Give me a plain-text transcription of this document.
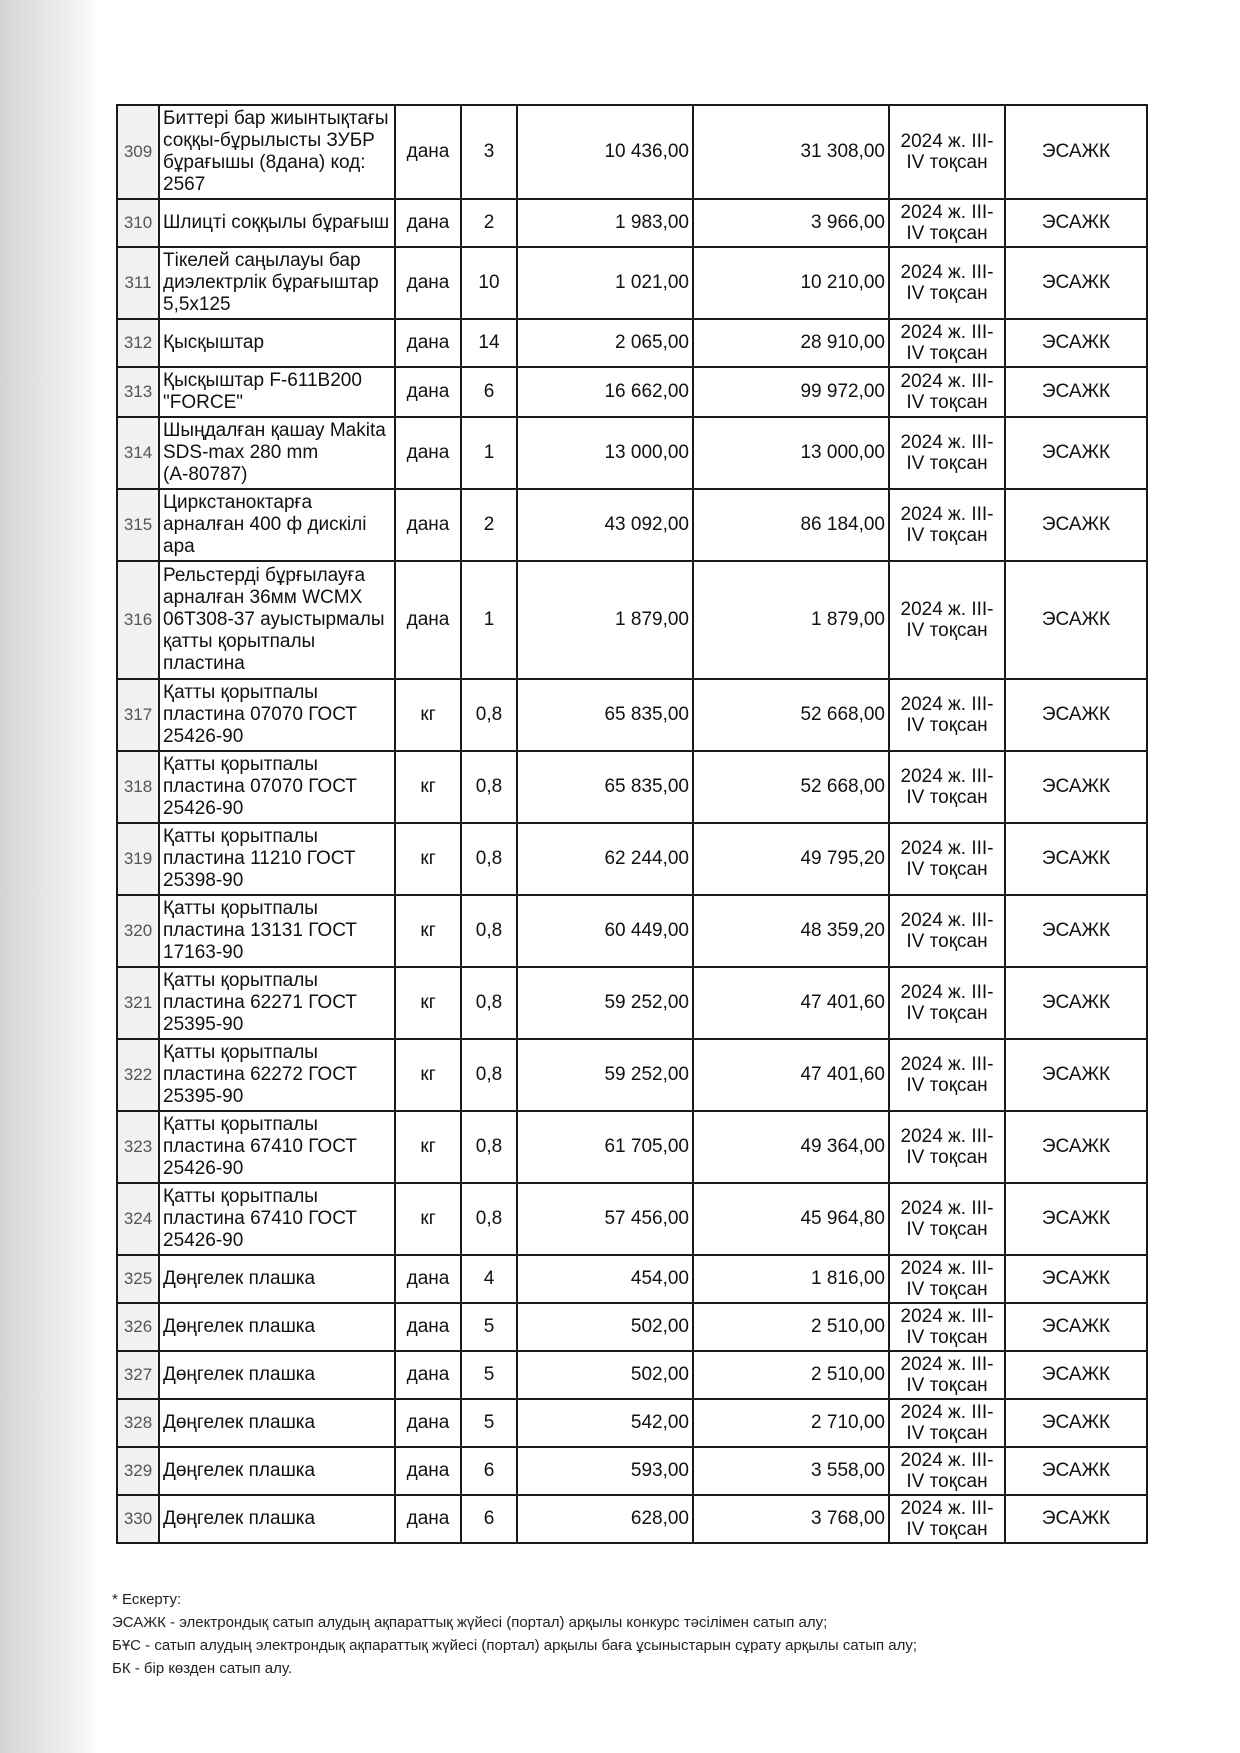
309	Биттері бар жиынтықтағы соққы-бұрылысты ЗУБР бұрағышы (8дана) код: 2567	дана	3	10 436,00	31 308,00	2024 ж. III-IV тоқсан	ЭСАЖК
310	Шлицті соққылы бұрағыш	дана	2	1 983,00	3 966,00	2024 ж. III-IV тоқсан	ЭСАЖК
311	Тікелей саңылауы бар диэлектрлік бұрағыштар 5,5х125	дана	10	1 021,00	10 210,00	2024 ж. III-IV тоқсан	ЭСАЖК
312	Қысқыштар	дана	14	2 065,00	28 910,00	2024 ж. III-IV тоқсан	ЭСАЖК
313	Қысқыштар F-611В200 "FORCE"	дана	6	16 662,00	99 972,00	2024 ж. III-IV тоқсан	ЭСАЖК
314	Шыңдалған қашау Makita SDS-max 280 mm (А-80787)	дана	1	13 000,00	13 000,00	2024 ж. III-IV тоқсан	ЭСАЖК
315	Циркстаноктарға арналған 400 ф дискілі ара	дана	2	43 092,00	86 184,00	2024 ж. III-IV тоқсан	ЭСАЖК
316	Рельстерді бұрғылауға арналған 36мм WCMX 06T308-37 ауыстырмалы қатты қорытпалы пластина	дана	1	1 879,00	1 879,00	2024 ж. III-IV тоқсан	ЭСАЖК
317	Қатты қорытпалы пластина 07070 ГОСТ 25426-90	кг	0,8	65 835,00	52 668,00	2024 ж. III-IV тоқсан	ЭСАЖК
318	Қатты қорытпалы пластина 07070 ГОСТ 25426-90	кг	0,8	65 835,00	52 668,00	2024 ж. III-IV тоқсан	ЭСАЖК
319	Қатты қорытпалы пластина 11210 ГОСТ 25398-90	кг	0,8	62 244,00	49 795,20	2024 ж. III-IV тоқсан	ЭСАЖК
320	Қатты қорытпалы пластина 13131 ГОСТ 17163-90	кг	0,8	60 449,00	48 359,20	2024 ж. III-IV тоқсан	ЭСАЖК
321	Қатты қорытпалы пластина 62271 ГОСТ 25395-90	кг	0,8	59 252,00	47 401,60	2024 ж. III-IV тоқсан	ЭСАЖК
322	Қатты қорытпалы пластина 62272 ГОСТ 25395-90	кг	0,8	59 252,00	47 401,60	2024 ж. III-IV тоқсан	ЭСАЖК
323	Қатты қорытпалы пластина 67410 ГОСТ 25426-90	кг	0,8	61 705,00	49 364,00	2024 ж. III-IV тоқсан	ЭСАЖК
324	Қатты қорытпалы пластина 67410 ГОСТ 25426-90	кг	0,8	57 456,00	45 964,80	2024 ж. III-IV тоқсан	ЭСАЖК
325	Дөңгелек плашка	дана	4	454,00	1 816,00	2024 ж. III-IV тоқсан	ЭСАЖК
326	Дөңгелек плашка	дана	5	502,00	2 510,00	2024 ж. III-IV тоқсан	ЭСАЖК
327	Дөңгелек плашка	дана	5	502,00	2 510,00	2024 ж. III-IV тоқсан	ЭСАЖК
328	Дөңгелек плашка	дана	5	542,00	2 710,00	2024 ж. III-IV тоқсан	ЭСАЖК
329	Дөңгелек плашка	дана	6	593,00	3 558,00	2024 ж. III-IV тоқсан	ЭСАЖК
330	Дөңгелек плашка	дана	6	628,00	3 768,00	2024 ж. III-IV тоқсан	ЭСАЖК
* Ескерту:
ЭСАЖК - электрондық сатып алудың ақпараттық жүйесі (портал) арқылы конкурс тәсілімен сатып алу;
БҰС - сатып алудың электрондық ақпараттық жүйесі (портал) арқылы баға ұсыныстарын сұрату арқылы сатып алу;
БК - бір көзден сатып алу.
